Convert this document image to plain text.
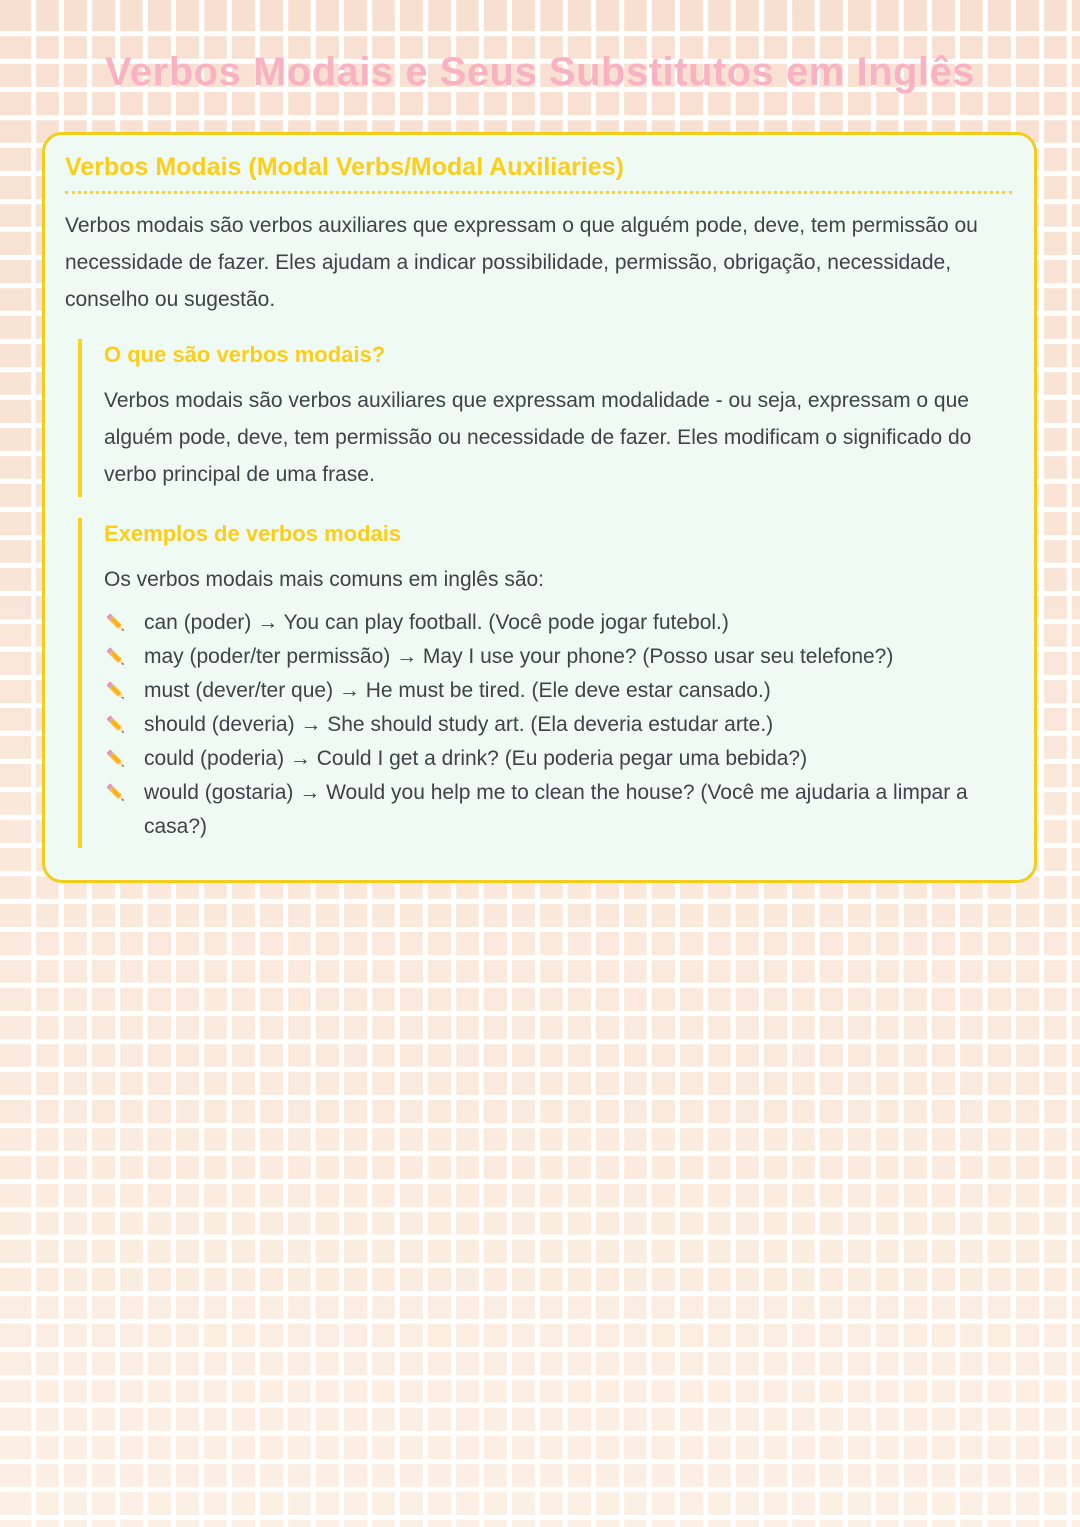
Verbos Modais e Seus Substitutos em Inglês
Verbos Modais (Modal Verbs/Modal Auxiliaries)

Verbos modais são verbos auxiliares que expressam o que alguém pode, deve, tem permissão ou necessidade de fazer. Eles ajudam a indicar possibilidade, permissão, obrigação, necessidade, conselho ou sugestão.

O que são verbos modais?

Verbos modais são verbos auxiliares que expressam modalidade - ou seja, expressam o que alguém pode, deve, tem permissão ou necessidade de fazer. Eles modificam o significado do verbo principal de uma frase.

Exemplos de verbos modais

Os verbos modais mais comuns em inglês são:

can (poder) → You can play football. (Você pode jogar futebol.)
may (poder/ter permissão) → May I use your phone? (Posso usar seu telefone?)
must (dever/ter que) → He must be tired. (Ele deve estar cansado.)
should (deveria) → She should study art. (Ela deveria estudar arte.)
could (poderia) → Could I get a drink? (Eu poderia pegar uma bebida?)
would (gostaria) → Would you help me to clean the house? (Você me ajudaria a limpar a casa?)
